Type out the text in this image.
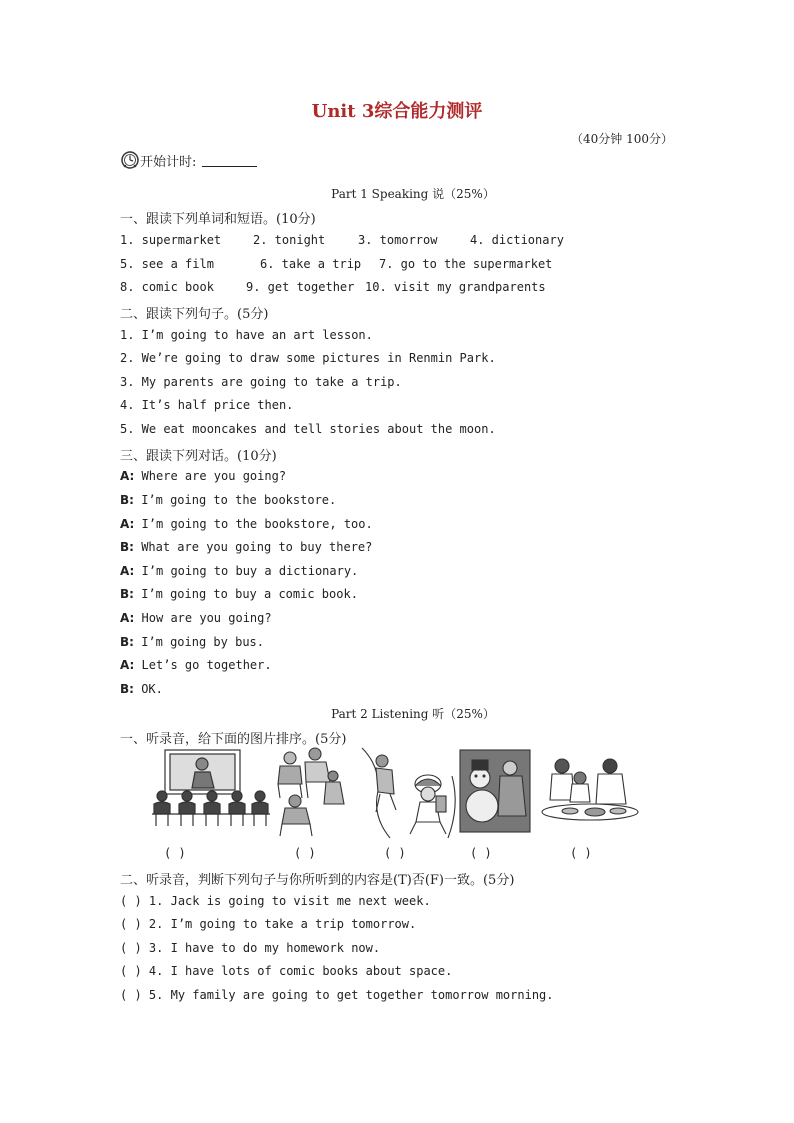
Unit 3综合能力测评
（40分钟 100分）
开始计时:
Part 1 Speaking 说（25%）
一、跟读下列单词和短语。(10分)
1. supermarket	2. tonight	3. tomorrow	4. dictionary
5. see a film	6. take a trip 7. go to the supermarket
8. comic book	9. get together 10. visit my grandparents
二、跟读下列句子。(5分)
1. I’m going to have an art lesson.
2. We’re going to draw some pictures in Renmin Park.
3. My parents are going to take a trip.
4. It’s half price then.
5. We eat mooncakes and tell stories about the moon.
三、跟读下列对话。(10分)
A: Where are you going?
B: I’m going to the bookstore.
A: I’m going to the bookstore, too.
B: What are you going to buy there?
A: I’m going to buy a dictionary.
B: I’m going to buy a comic book.
A: How are you going?
B: I’m going by bus.
A: Let’s go together.
B: OK.
Part 2 Listening 听（25%）
一、听录音，给下面的图片排序。(5分)
( )	( )	( )	( )	( )
二、听录音，判断下列句子与你所听到的内容是(T)否(F)一致。(5分)
( ) 1. Jack is going to visit me next week.
( ) 2. I’m going to take a trip tomorrow.
( ) 3. I have to do my homework now.
( ) 4. I have lots of comic books about space.
( ) 5. My family are going to get together tomorrow morning.
